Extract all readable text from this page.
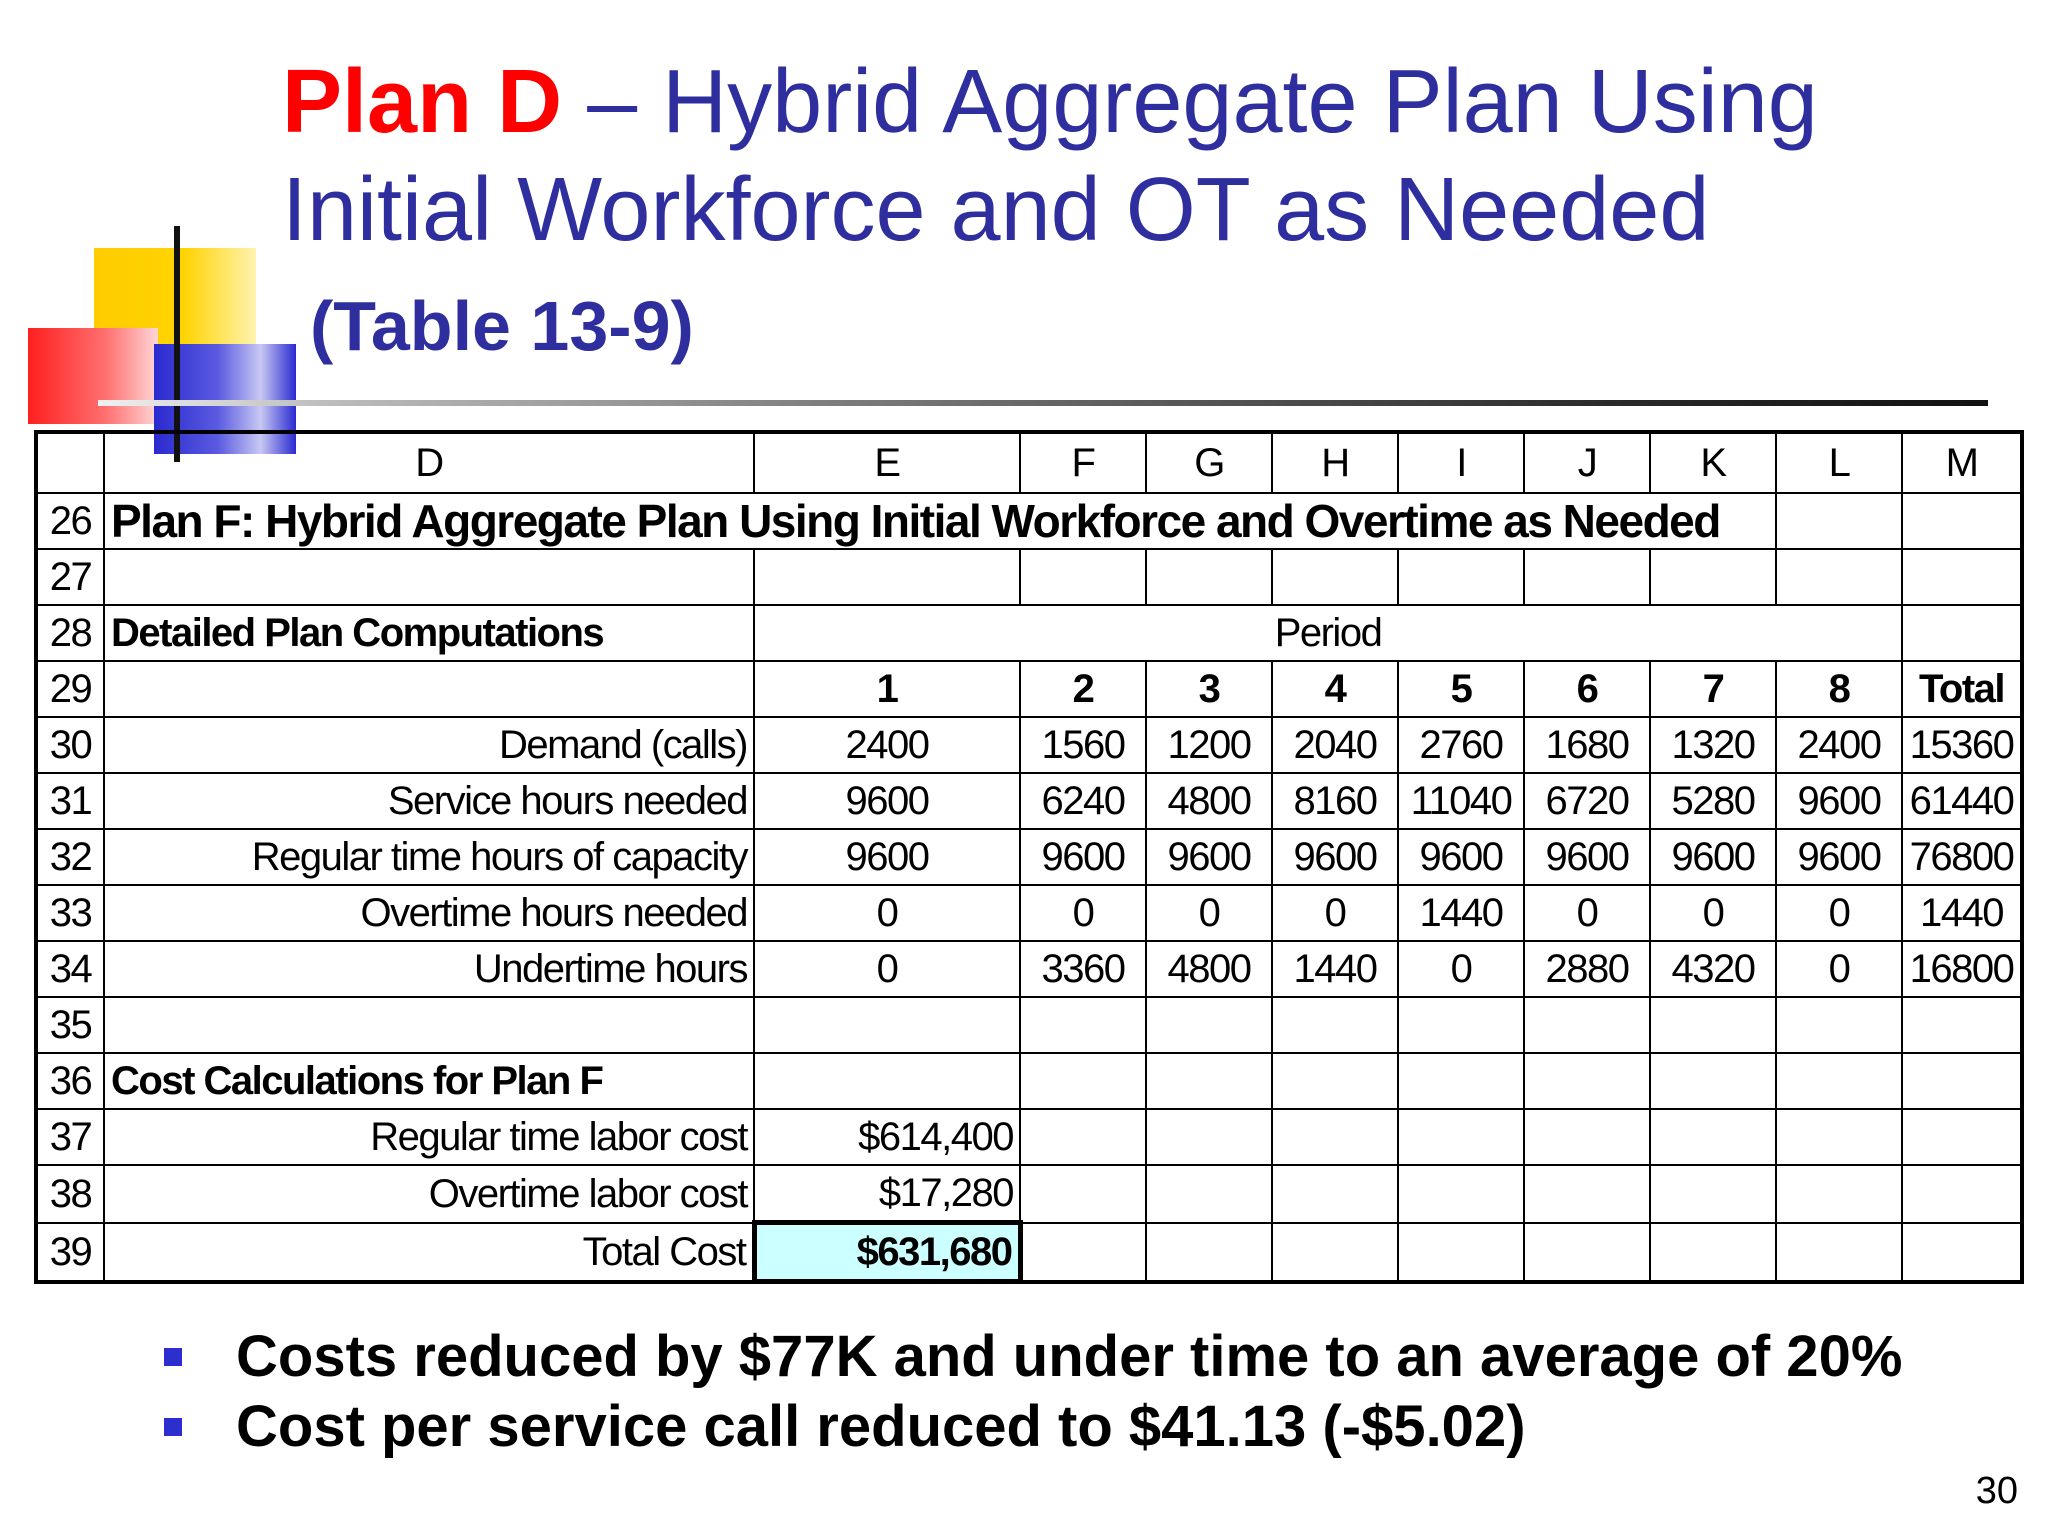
Plan D – Hybrid Aggregate Plan Using Initial Workforce and OT as Needed
(Table 13-9)
	D	E	F	G	H	I	J	K	L	M
26	Plan F: Hybrid Aggregate Plan Using Initial Workforce and Overtime as Needed									
27										
28	Detailed Plan Computations	Period								
29		1	2	3	4	5	6	7	8	Total
30	Demand (calls)	2400	1560	1200	2040	2760	1680	1320	2400	15360
31	Service hours needed	9600	6240	4800	8160	11040	6720	5280	9600	61440
32	Regular time hours of capacity	9600	9600	9600	9600	9600	9600	9600	9600	76800
33	Overtime hours needed	0	0	0	0	1440	0	0	0	1440
34	Undertime hours	0	3360	4800	1440	0	2880	4320	0	16800
35										
36	Cost Calculations for Plan F									
37	Regular time labor cost	$614,400								
38	Overtime labor cost	$17,280								
39	Total Cost	$631,680								
Costs reduced by $77K and under time to an average of 20%
Cost per service call reduced to $41.13 (-$5.02)
30
